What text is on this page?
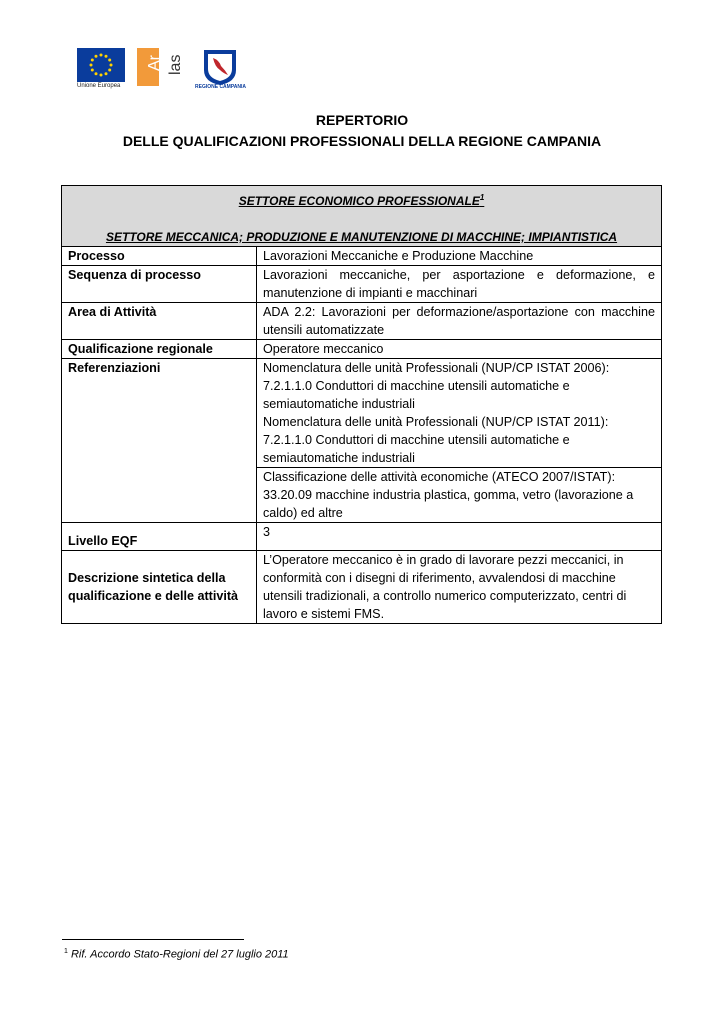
Unione Europea
Ar las
REGIONE CAMPANIA
REPERTORIO
DELLE QUALIFICAZIONI PROFESSIONALI DELLA REGIONE CAMPANIA
SETTORE ECONOMICO PROFESSIONALE$^1$
SETTORE MECCANICA; PRODUZIONE E MANUTENZIONE DI MACCHINE; IMPIANTISTICA	

Processo	Lavorazioni Meccaniche e Produzione Macchine
Sequenza di processo	Lavorazioni meccaniche, per asportazione e deformazione, e manutenzione di impianti e macchinari
Area di Attività	ADA 2.2: Lavorazioni per deformazione/asportazione con macchine utensili automatizzate
Qualificazione regionale	Operatore meccanico
Referenziazioni	Nomenclatura delle unità Professionali (NUP/CP ISTAT 2006):

7.2.1.1.0 Conduttori di macchine utensili automatiche e semiautomatiche industriali

Nomenclatura delle unità Professionali (NUP/CP ISTAT 2011):

7.2.1.1.0 Conduttori di macchine utensili automatiche e semiautomatiche industriali

	Classificazione delle attività economiche (ATECO 2007/ISTAT):

33.20.09 macchine industria plastica, gomma, vetro (lavorazione a caldo) ed altre

Livello EQF	3
Descrizione sintetica della qualificazione e delle attività	L’Operatore meccanico è in grado di lavorare pezzi meccanici, in conformità con i disegni di riferimento, avvalendosi di macchine utensili tradizionali, a controllo numerico computerizzato, centri di lavoro e sistemi FMS.
$^1$ Rif. Accordo Stato-Regioni del 27 luglio 2011
